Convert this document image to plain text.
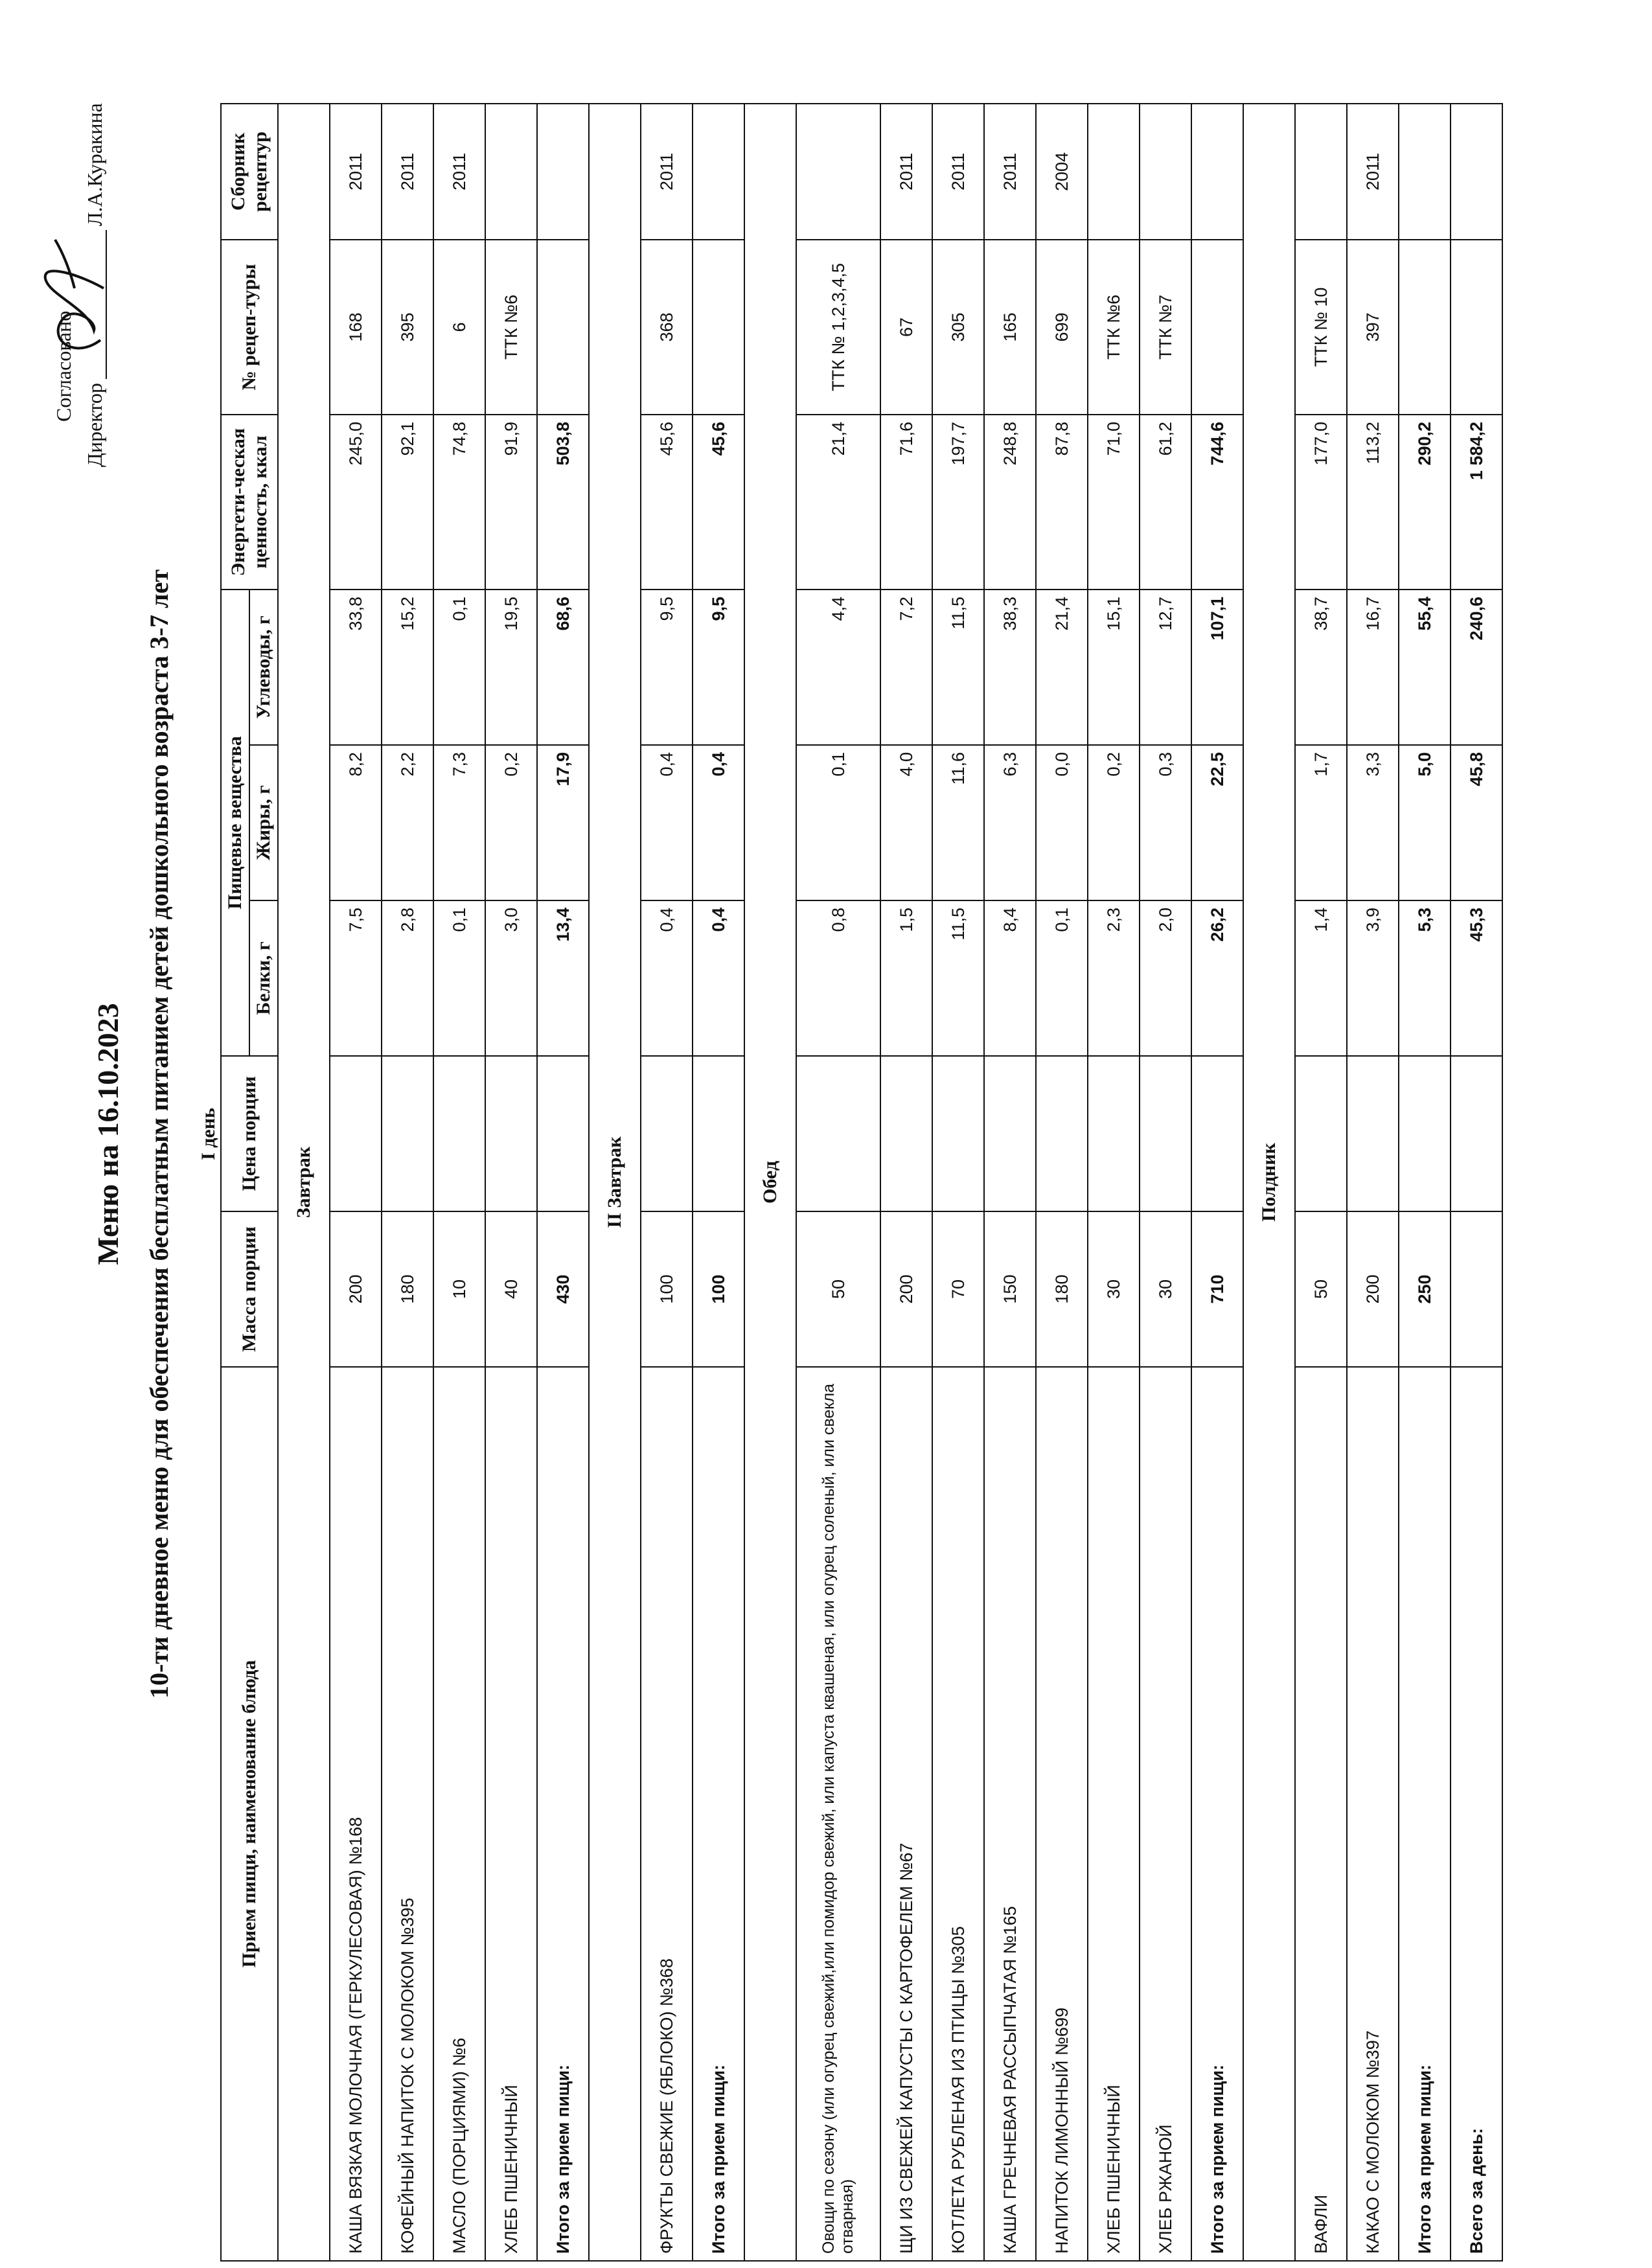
Меню на 16.10.2023 10-ти дневное меню для обеспечения бесплатным питанием детей дошкольного возраста 3-7 лет
Согласовано
Директор
Л.А.Куракина
I день
Прием пищи, наименование блюда	Масса порции	Цена порции	Пищевые вещества			Энергети-ческая ценность, ккал	№ рецеп-туры	Сборник рецептур
			Белки, г	Жиры, г	Углеводы, г			
Завтрак								
КАША ВЯЗКАЯ МОЛОЧНАЯ (ГЕРКУЛЕСОВАЯ) №168	200		7,5	8,2	33,8	245,0	168	2011
КОФЕЙНЫЙ НАПИТОК С МОЛОКОМ №395	180		2,8	2,2	15,2	92,1	395	2011
МАСЛО (ПОРЦИЯМИ) №6	10		0,1	7,3	0,1	74,8	6	2011
ХЛЕБ ПШЕНИЧНЫЙ	40		3,0	0,2	19,5	91,9	ТТК №6	
Итого за прием пищи:	430		13,4	17,9	68,6	503,8		
II Завтрак								
ФРУКТЫ СВЕЖИЕ (ЯБЛОКО) №368	100		0,4	0,4	9,5	45,6	368	2011
Итого за прием пищи:	100		0,4	0,4	9,5	45,6		
Обед								
Овощи по сезону (или огурец свежий,или помидор свежий, или капуста квашеная, или огурец соленый, или свекла отварная)	50		0,8	0,1	4,4	21,4	ТТК № 1,2,3,4,5	
ЩИ ИЗ СВЕЖЕЙ КАПУСТЫ С КАРТОФЕЛЕМ №67	200		1,5	4,0	7,2	71,6	67	2011
КОТЛЕТА РУБЛЕНАЯ ИЗ ПТИЦЫ №305	70		11,5	11,6	11,5	197,7	305	2011
КАША ГРЕЧНЕВАЯ РАССЫПЧАТАЯ №165	150		8,4	6,3	38,3	248,8	165	2011
НАПИТОК ЛИМОННЫЙ №699	180		0,1	0,0	21,4	87,8	699	2004
ХЛЕБ ПШЕНИЧНЫЙ	30		2,3	0,2	15,1	71,0	ТТК №6	
ХЛЕБ РЖАНОЙ	30		2,0	0,3	12,7	61,2	ТТК №7	
Итого за прием пищи:	710		26,2	22,5	107,1	744,6		
Полдник								
ВАФЛИ	50		1,4	1,7	38,7	177,0	ТТК № 10	
КАКАО С МОЛОКОМ №397	200		3,9	3,3	16,7	113,2	397	2011
Итого за прием пищи:	250		5,3	5,0	55,4	290,2		
Всего за день:			45,3	45,8	240,6	1 584,2		
